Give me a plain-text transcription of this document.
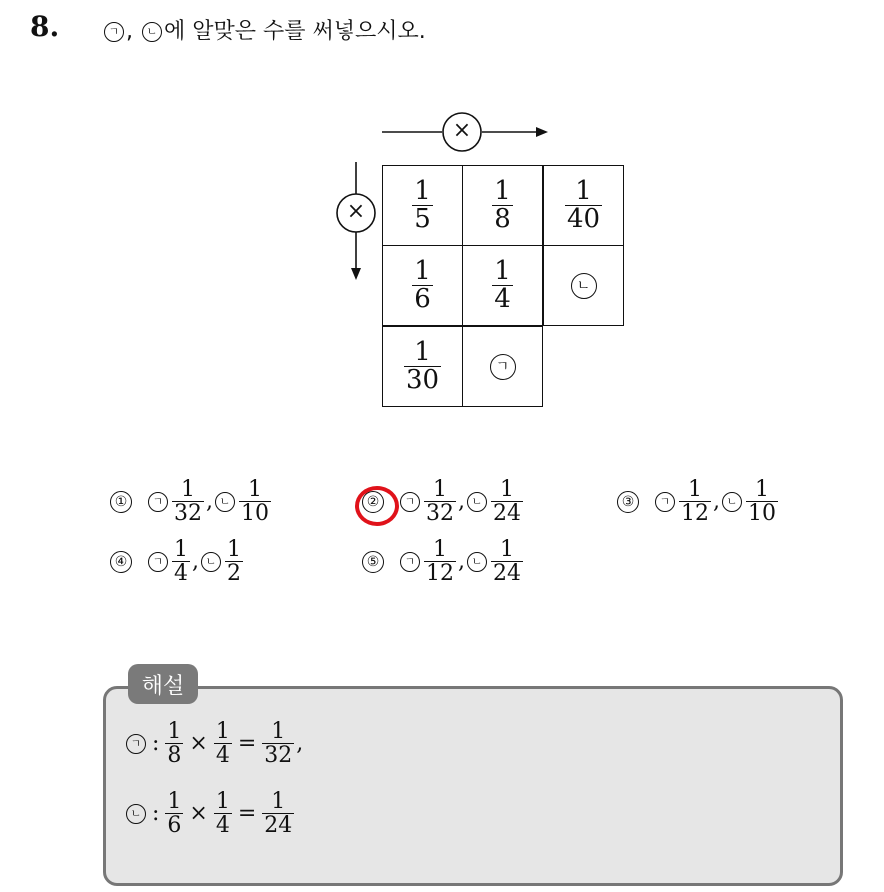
8.	ㄱ , ㄴ 에 알맞은 수를 써넣으시오.
×
× $\frac{1}{5} \frac{1}{8} \frac{1}{40}$
$\frac{1}{6} \frac{1}{4}$	ㄴ
$\frac{1}{30}$	ㄱ
①	ㄱ $\frac{1}{32}$ , ㄴ $\frac{1}{10}$	②	ㄱ $\frac{1}{32}$ , ㄴ $\frac{1}{24}$	③	ㄱ $\frac{1}{12}$ , ㄴ $\frac{1}{10}$
④	ㄱ $\frac{1}{4}$ , ㄴ $\frac{1}{2}$	⑤	ㄱ $\frac{1}{12}$ , ㄴ $\frac{1}{24}$
해설
ㄱ : $\frac{1}{8} \times \frac{1}{4} = \frac{1}{32}$ ,
ㄴ : $\frac{1}{6} \times \frac{1}{4} = \frac{1}{24}$
